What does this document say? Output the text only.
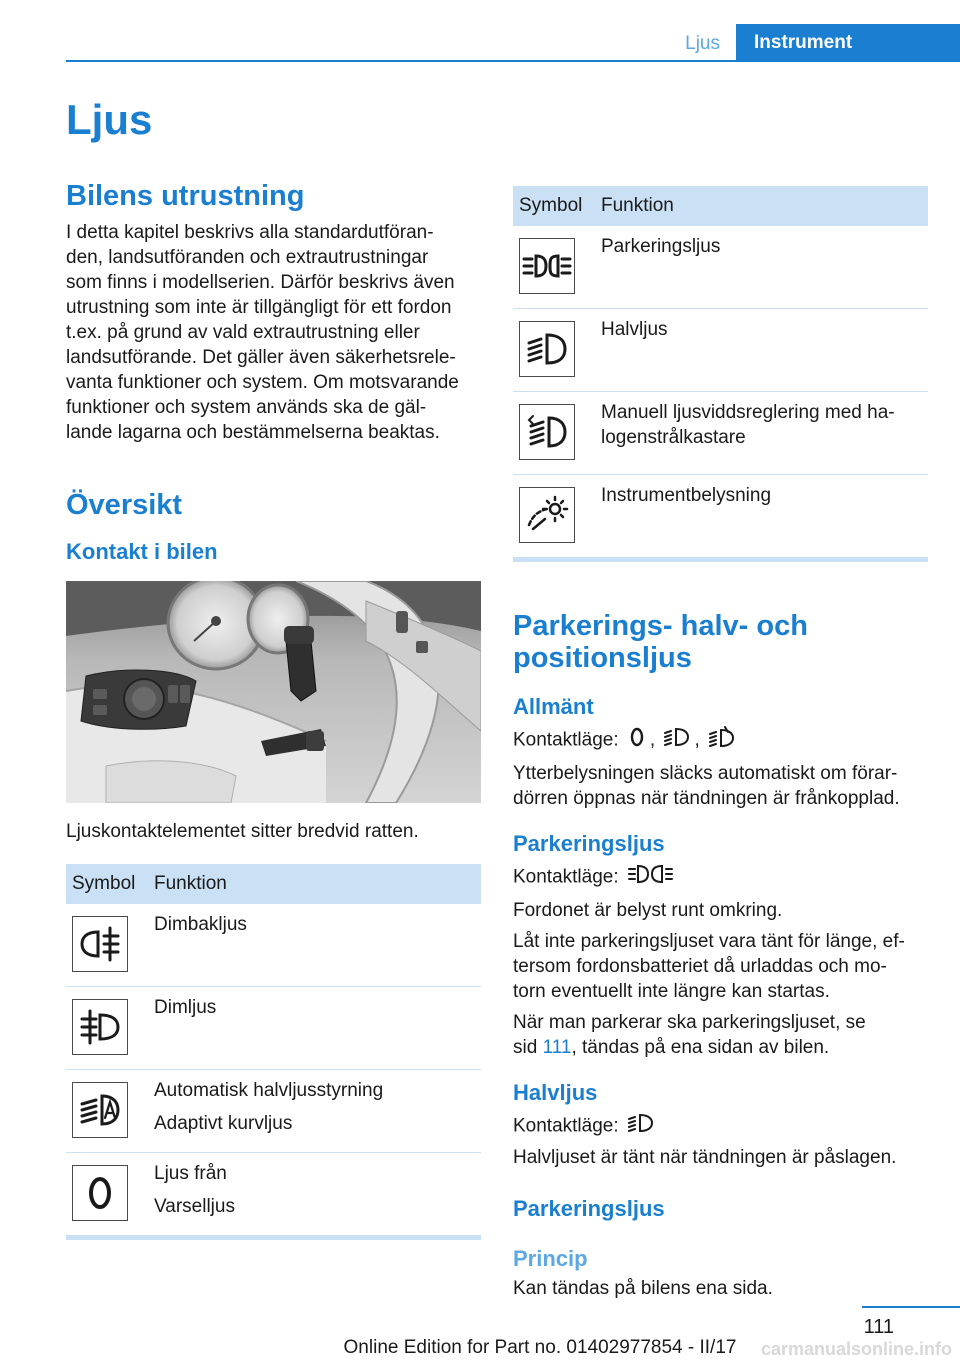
Ljus	Instrument
Ljus
Bilens utrustning

I detta kapitel beskrivs alla standardutföran-

den, landsutföranden och extrautrustningar

som finns i modellserien. Därför beskrivs även

utrustning som inte är tillgängligt för ett fordon

t.ex. på grund av vald extrautrustning eller

landsutförande. Det gäller även säkerhetsrele-

vanta funktioner och system. Om motsvarande

funktioner och system används ska de gäl-

lande lagarna och bestämmelserna beaktas.

Översikt
Kontakt i bilen

Ljuskontaktelementet sitter bredvid ratten.

Symbol	Funktion

Dimbakljus

Dimljus

Automatisk halvljusstyrning
Adaptivt kurvljus

Ljus från
Varselljus
Symbol	Funktion

Parkeringsljus

Halvljus

Manuell ljusviddsreglering med ha-
logenstrålkastare

Instrumentbelysning
Parkerings- halv- och
positionsljus
Allmänt

Kontaktläge: , ,

Ytterbelysningen släcks automatiskt om förar-

dörren öppnas när tändningen är frånkopplad.

Parkeringsljus

Kontaktläge:

Fordonet är belyst runt omkring.

Låt inte parkeringsljuset vara tänt för länge, ef-

tersom fordonsbatteriet då urladdas och mo-

torn eventuellt inte längre kan startas.

När man parkerar ska parkeringsljuset, se

sid 111, tändas på ena sidan av bilen.

Halvljus

Kontaktläge:

Halvljuset är tänt när tändningen är påslagen.

Parkeringsljus
Princip

Kan tändas på bilens ena sida.

111
Online Edition for Part no. 01402977854 - II/17	carmanualsonline.info
